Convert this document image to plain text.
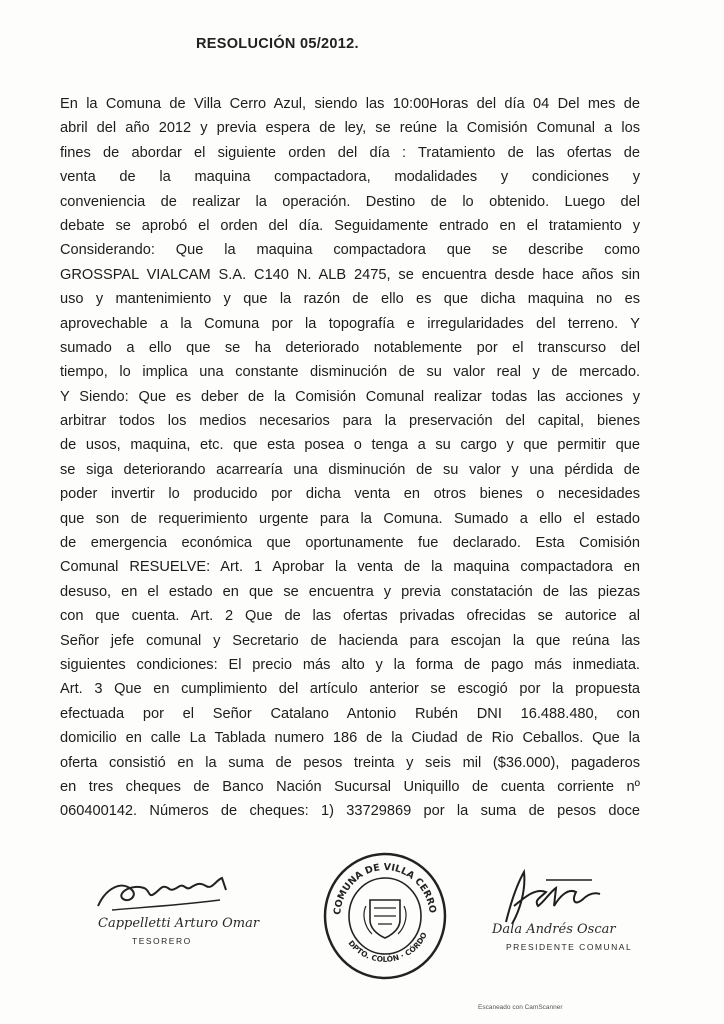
RESOLUCIÓN 05/2012.
En la Comuna de Villa Cerro Azul, siendo las 10:00Horas del día 04 Del mes de
abril del año 2012 y previa espera de ley, se reúne la Comisión Comunal a los
fines de abordar el siguiente orden del día : Tratamiento de las ofertas de
venta de la maquina compactadora, modalidades y condiciones y
conveniencia de realizar la operación. Destino de lo obtenido. Luego del
debate se aprobó el orden del día. Seguidamente entrado en el tratamiento y
Considerando: Que la maquina compactadora que se describe como
GROSSPAL VIALCAM S.A. C140 N. ALB 2475, se encuentra desde hace años sin
uso y mantenimiento y que la razón de ello es que dicha maquina no es
aprovechable a la Comuna por la topografía e irregularidades del terreno. Y
sumado a ello que se ha deteriorado notablemente por el transcurso del
tiempo, lo implica una constante disminución de su valor real y de mercado.
Y Siendo: Que es deber de la Comisión Comunal realizar todas las acciones y
arbitrar todos los medios necesarios para la preservación del capital, bienes
de usos, maquina, etc. que esta posea o tenga a su cargo y que permitir que
se siga deteriorando acarrearía una disminución de su valor y una pérdida de
poder invertir lo producido por dicha venta en otros bienes o necesidades
que son de requerimiento urgente para la Comuna. Sumado a ello el estado
de emergencia económica que oportunamente fue declarado. Esta Comisión
Comunal RESUELVE: Art. 1 Aprobar la venta de la maquina compactadora en
desuso, en el estado en que se encuentra y previa constatación de las piezas
con que cuenta. Art. 2 Que de las ofertas privadas ofrecidas se autorice al
Señor jefe comunal y Secretario de hacienda para escojan la que reúna las
siguientes condiciones: El precio más alto y la forma de pago más inmediata.
Art. 3 Que en cumplimiento del artículo anterior se escogió por la propuesta
efectuada por el Señor Catalano Antonio Rubén DNI 16.488.480, con
domicilio en calle La Tablada numero 186 de la Ciudad de Rio Ceballos. Que la
oferta consistió en la suma de pesos treinta y seis mil ($36.000), pagaderos
en tres cheques de Banco Nación Sucursal Uniquillo de cuenta corriente nº
060400142. Números de cheques: 1) 33729869 por la suma de pesos doce
Cappelletti Arturo Omar
TESORERO
COMUNA DE VILLA CERRO
DPTO. COLÓN · CÓRDO	Dala Andrés Oscar
PRESIDENTE COMUNAL
Escaneado con CamScanner
